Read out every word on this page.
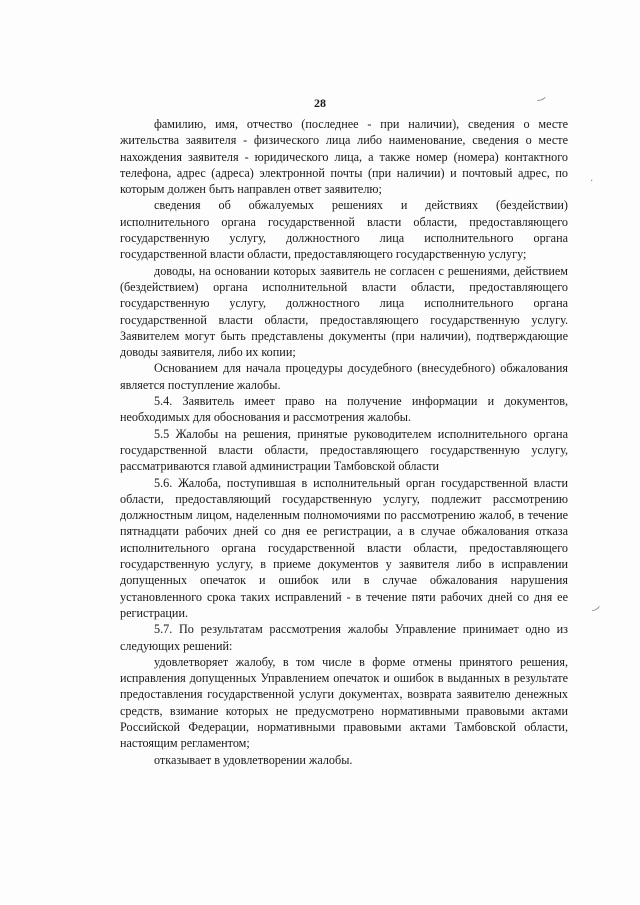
28

фамилию, имя, отчество (последнее - при наличии), сведения о месте жительства заявителя - физического лица либо наименование, сведения о месте нахождения заявителя - юридического лица, а также номер (номера) контактного телефона, адрес (адреса) электронной почты (при наличии) и почтовый адрес, по которым должен быть направлен ответ заявителю;

сведения об обжалуемых решениях и действиях (бездействии) исполнительного органа государственной власти области, предоставляющего государственную услугу, должностного лица исполнительного органа государственной власти области, предоставляющего государственную услугу;

доводы, на основании которых заявитель не согласен с решениями, действием (бездействием) органа исполнительной власти области, предоставляющего государственную услугу, должностного лица исполнительного органа государственной власти области, предоставляющего государственную услугу. Заявителем могут быть представлены документы (при наличии), подтверждающие доводы заявителя, либо их копии;

Основанием для начала процедуры досудебного (внесудебного) обжалования является поступление жалобы.

5.4. Заявитель имеет право на получение информации и документов, необходимых для обоснования и рассмотрения жалобы.

5.5 Жалобы на решения, принятые руководителем исполнительного органа государственной власти области, предоставляющего государственную услугу, рассматриваются главой администрации Тамбовской области

5.6. Жалоба, поступившая в исполнительный орган государственной власти области, предоставляющий государственную услугу, подлежит рассмотрению должностным лицом, наделенным полномочиями по рассмотрению жалоб, в течение пятнадцати рабочих дней со дня ее регистрации, а в случае обжалования отказа исполнительного органа государственной власти области, предоставляющего государственную услугу, в приеме документов у заявителя либо в исправлении допущенных опечаток и ошибок или в случае обжалования нарушения установленного срока таких исправлений - в течение пяти рабочих дней со дня ее регистрации.

5.7. По результатам рассмотрения жалобы Управление принимает одно из следующих решений:

удовлетворяет жалобу, в том числе в форме отмены принятого решения, исправления допущенных Управлением опечаток и ошибок в выданных в результате предоставления государственной услуги документах, возврата заявителю денежных средств, взимание которых не предусмотрено нормативными правовыми актами Российской Федерации, нормативными правовыми актами Тамбовской области, настоящим регламентом;

отказывает в удовлетворении жалобы.

‿
‿
·
